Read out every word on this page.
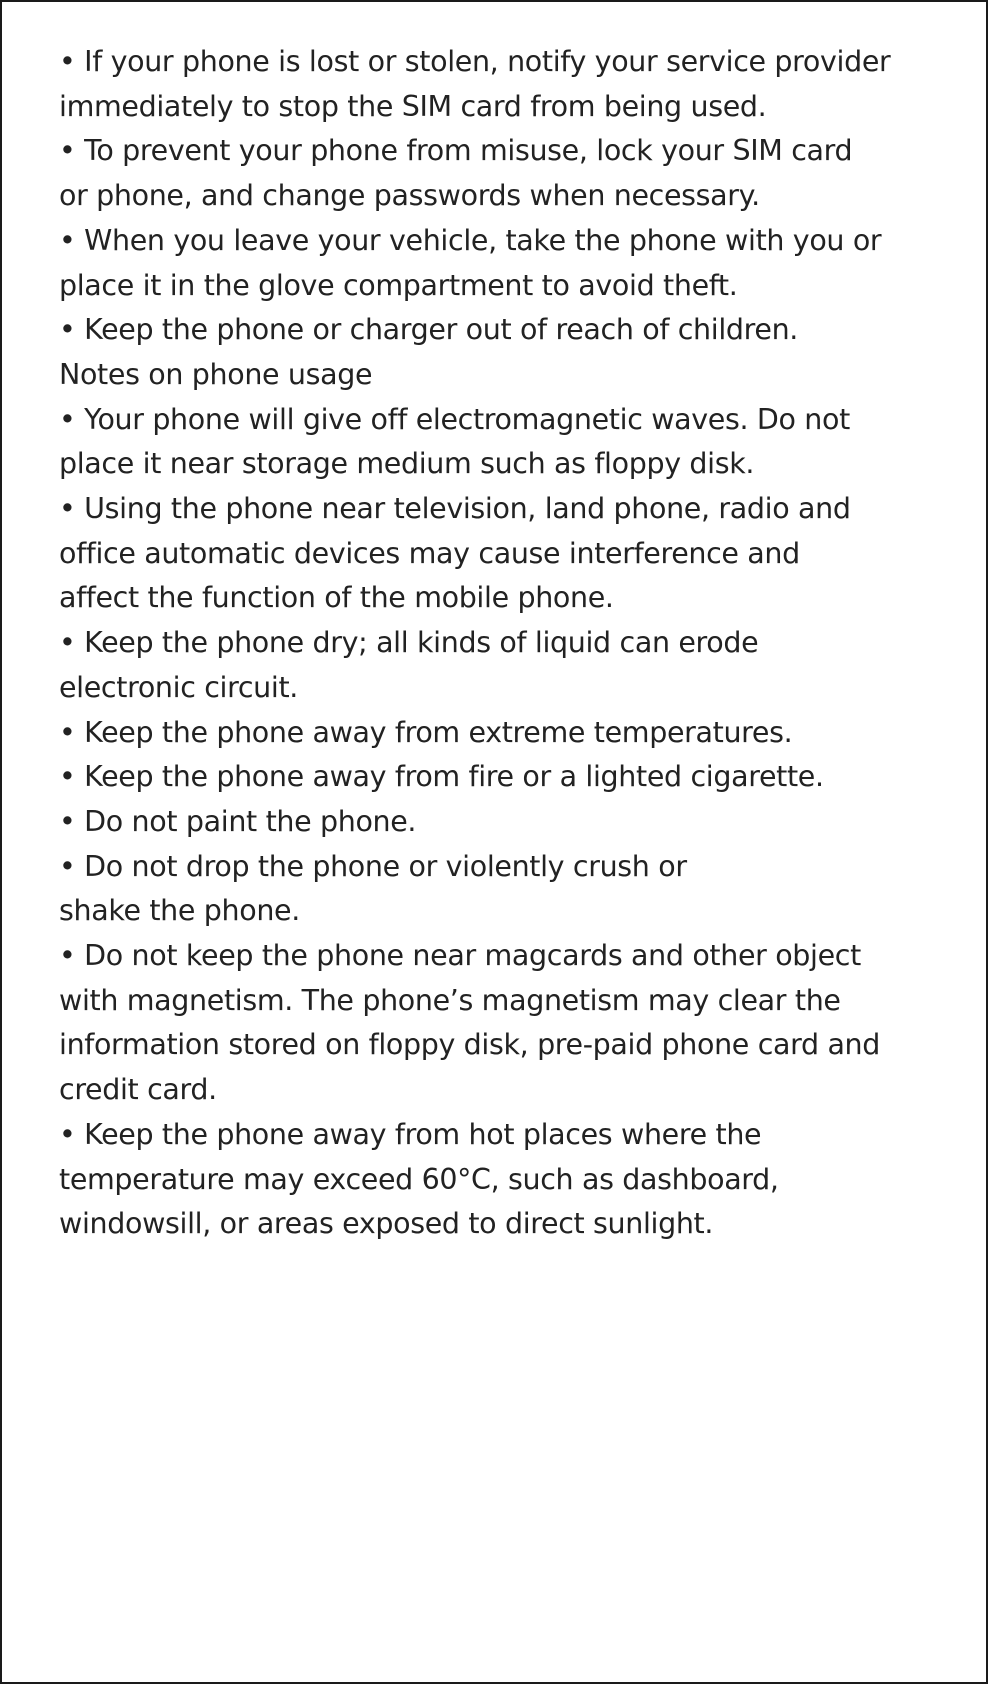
• If your phone is lost or stolen, notify your service provider
immediately to stop the SIM card from being used.
• To prevent your phone from misuse, lock your SIM card
or phone, and change passwords when necessary.
• When you leave your vehicle, take the phone with you or
place it in the glove compartment to avoid theft.
• Keep the phone or charger out of reach of children.
Notes on phone usage
• Your phone will give off electromagnetic waves. Do not
place it near storage medium such as floppy disk.
• Using the phone near television, land phone, radio and
office automatic devices may cause interference and
affect the function of the mobile phone.
• Keep the phone dry; all kinds of liquid can erode
electronic circuit.
• Keep the phone away from extreme temperatures.
• Keep the phone away from fire or a lighted cigarette.
• Do not paint the phone.
• Do not drop the phone or violently crush or
shake the phone.
• Do not keep the phone near magcards and other object
with magnetism. The phone’s magnetism may clear the
information stored on floppy disk, pre-paid phone card and
credit card.
• Keep the phone away from hot places where the
temperature may exceed 60°C, such as dashboard,
windowsill, or areas exposed to direct sunlight.
